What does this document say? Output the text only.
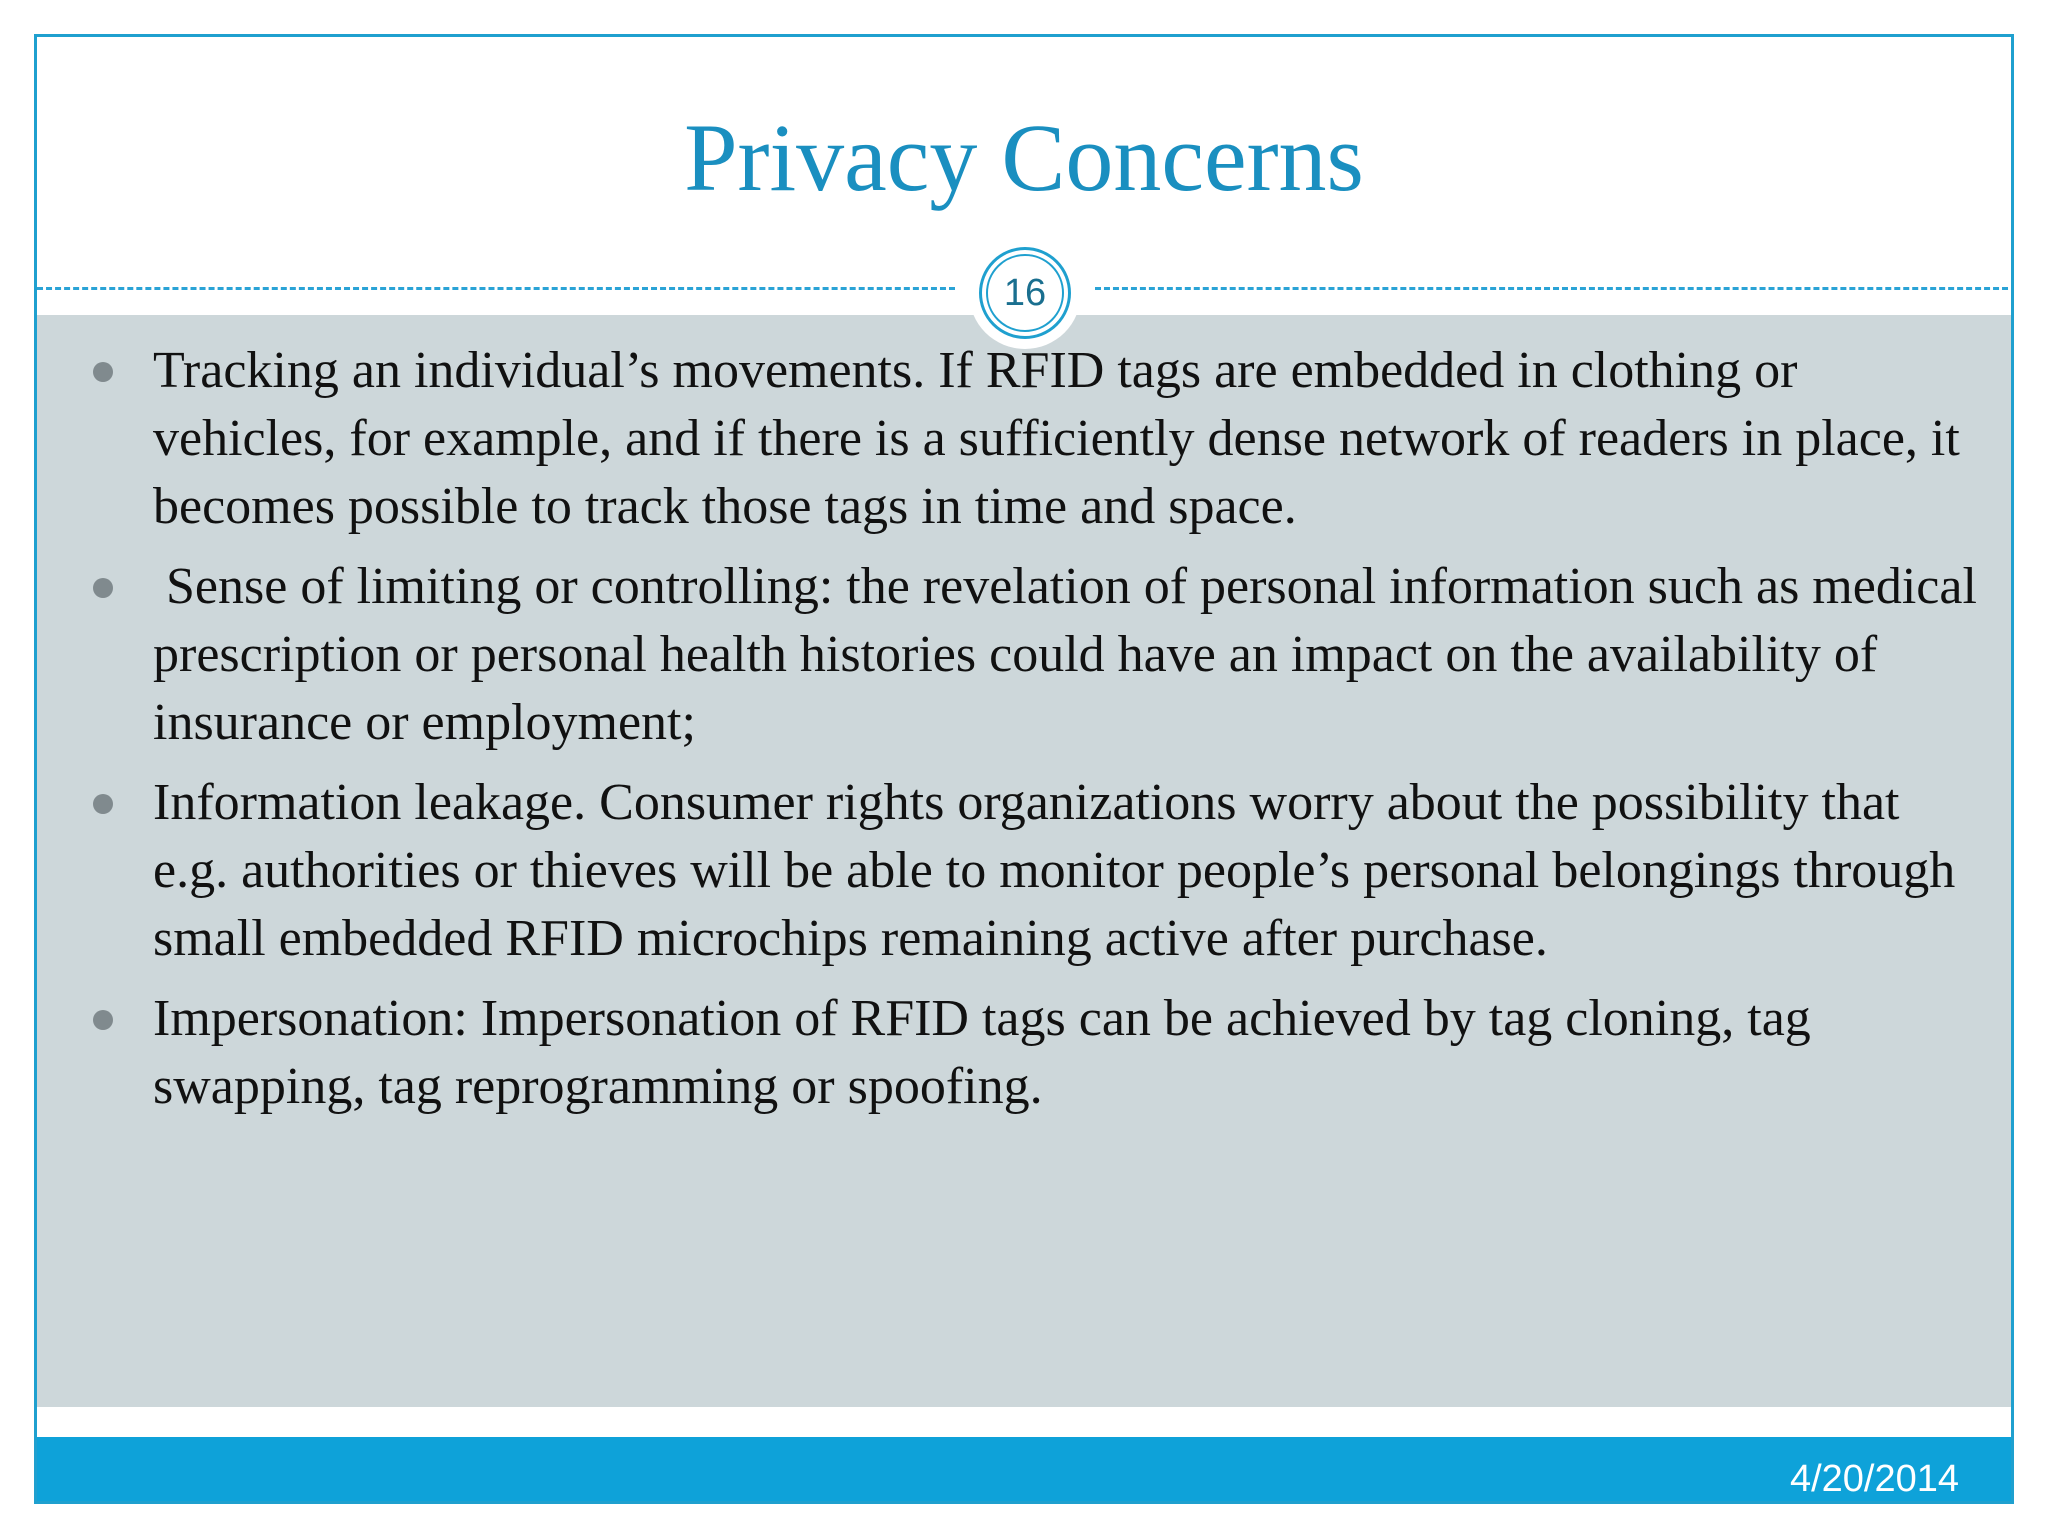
Privacy Concerns
16
Tracking an individual’s movements. If RFID tags are embedded in clothing or vehicles, for example, and if there is a sufficiently dense network of readers in place, it becomes possible to track those tags in time and space.
Sense of limiting or controlling: the revelation of personal information such as medical prescription or personal health histories could have an impact on the availability of insurance or employment;
Information leakage. Consumer rights organizations worry about the possibility that e.g. authorities or thieves will be able to monitor people’s personal belongings through small embedded RFID microchips remaining active after purchase.
Impersonation: Impersonation of RFID tags can be achieved by tag cloning, tag swapping, tag reprogramming or spoofing.
4/20/2014
